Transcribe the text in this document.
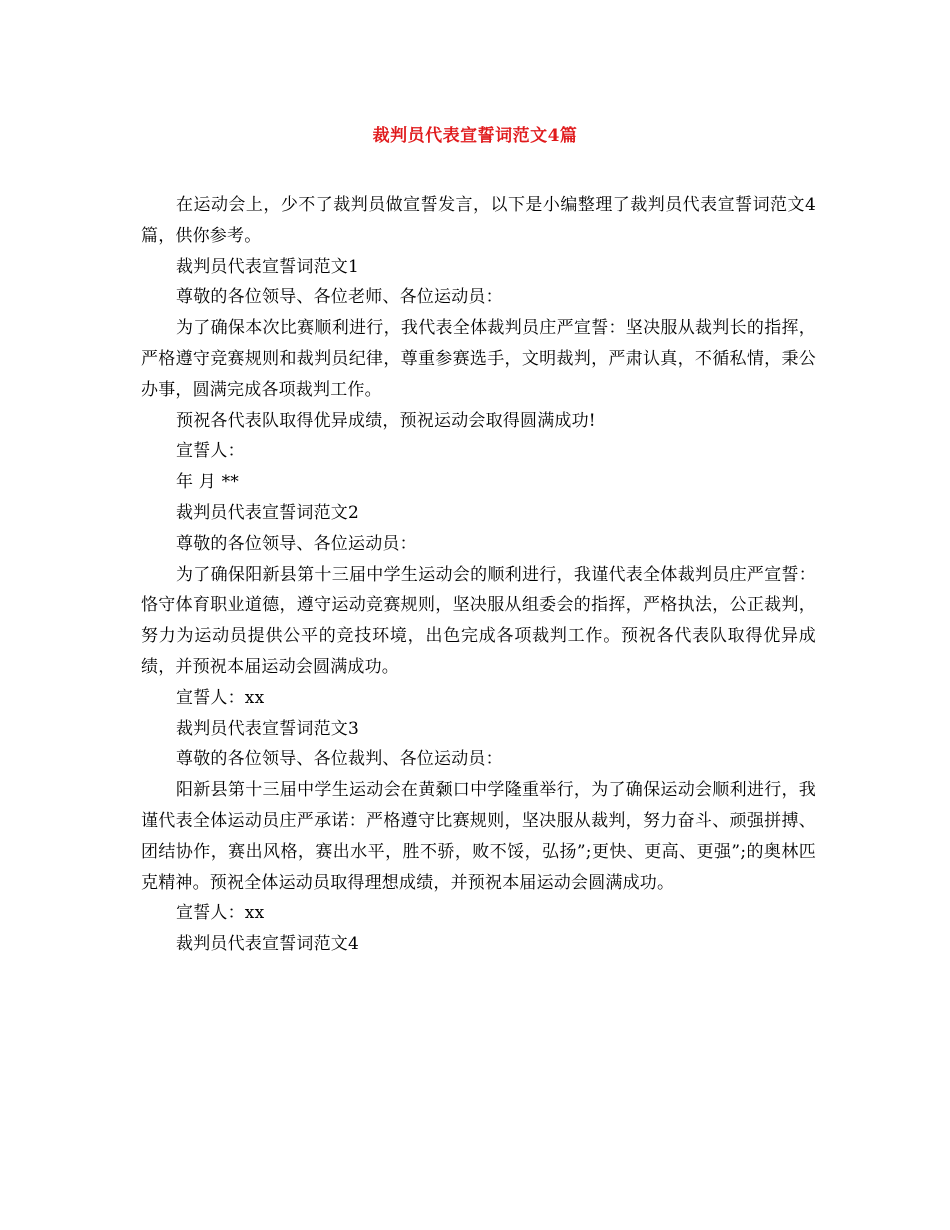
裁判员代表宣誓词范文4篇

在运动会上，少不了裁判员做宣誓发言，以下是小编整理了裁判员代表宣誓词范文4篇，供你参考。

裁判员代表宣誓词范文1

尊敬的各位领导、各位老师、各位运动员：

为了确保本次比赛顺利进行，我代表全体裁判员庄严宣誓：坚决服从裁判长的指挥，严格遵守竞赛规则和裁判员纪律，尊重参赛选手，文明裁判，严肃认真，不循私情，秉公办事，圆满完成各项裁判工作。

预祝各代表队取得优异成绩，预祝运动会取得圆满成功!

宣誓人：

年 月 **

裁判员代表宣誓词范文2

尊敬的各位领导、各位运动员：

为了确保阳新县第十三届中学生运动会的顺利进行，我谨代表全体裁判员庄严宣誓：恪守体育职业道德，遵守运动竞赛规则，坚决服从组委会的指挥，严格执法，公正裁判，努力为运动员提供公平的竞技环境，出色完成各项裁判工作。预祝各代表队取得优异成绩，并预祝本届运动会圆满成功。

宣誓人：xx

裁判员代表宣誓词范文3

尊敬的各位领导、各位裁判、各位运动员：

阳新县第十三届中学生运动会在黄颡口中学隆重举行，为了确保运动会顺利进行，我谨代表全体运动员庄严承诺：严格遵守比赛规则，坚决服从裁判，努力奋斗、顽强拼搏、团结协作，赛出风格，赛出水平，胜不骄，败不馁，弘扬”;更快、更高、更强”;的奥林匹克精神。预祝全体运动员取得理想成绩，并预祝本届运动会圆满成功。

宣誓人：xx

裁判员代表宣誓词范文4
